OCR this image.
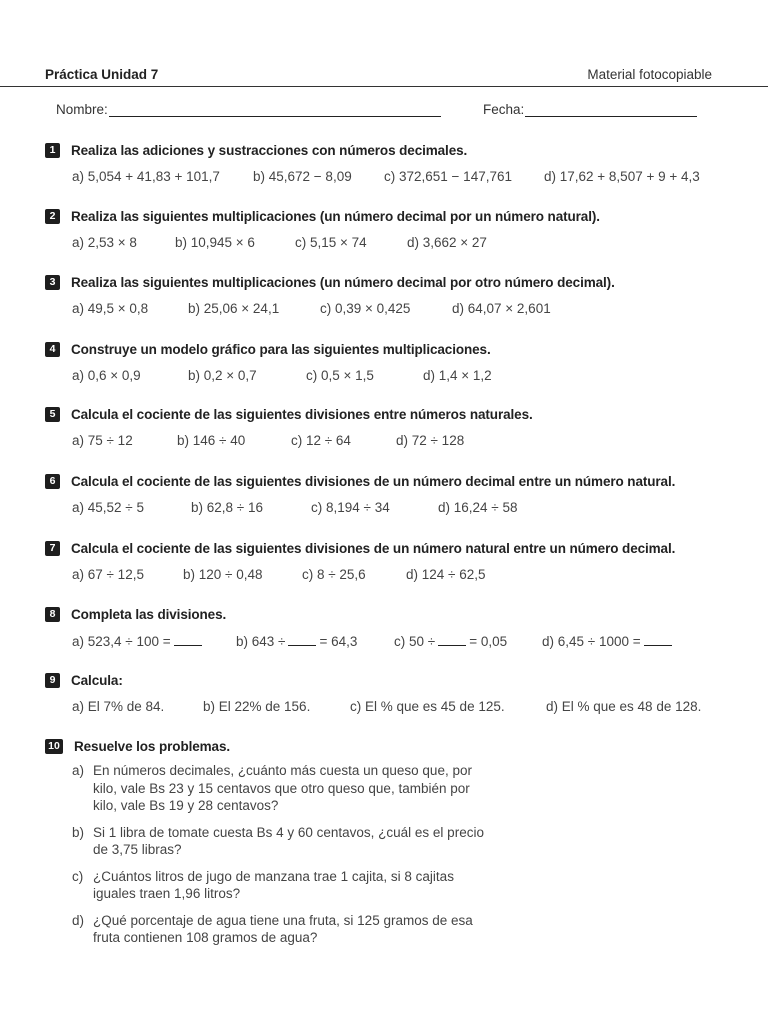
Práctica Unidad 7	Material fotocopiable
Nombre:	Fecha:
1	Realiza las adiciones y sustracciones con números decimales.
a) 5,054 + 41,83 + 101,7 b) 45,672 − 8,09 c) 372,651 − 147,761 d) 17,62 + 8,507 + 9 + 4,3
2	Realiza las siguientes multiplicaciones (un número decimal por un número natural).
a) 2,53 × 8	b) 10,945 × 6	c) 5,15 × 74	d) 3,662 × 27
3	Realiza las siguientes multiplicaciones (un número decimal por otro número decimal).
a) 49,5 × 0,8	b) 25,06 × 24,1	c) 0,39 × 0,425	d) 64,07 × 2,601
4	Construye un modelo gráfico para las siguientes multiplicaciones.
a) 0,6 × 0,9	b) 0,2 × 0,7	c) 0,5 × 1,5	d) 1,4 × 1,2
5	Calcula el cociente de las siguientes divisiones entre números naturales.
a) 75 ÷ 12	b) 146 ÷ 40	c) 12 ÷ 64	d) 72 ÷ 128
6	Calcula el cociente de las siguientes divisiones de un número decimal entre un número natural.
a) 45,52 ÷ 5	b) 62,8 ÷ 16	c) 8,194 ÷ 34	d) 16,24 ÷ 58
7	Calcula el cociente de las siguientes divisiones de un número natural entre un número decimal.
a) 67 ÷ 12,5	b) 120 ÷ 0,48	c) 8 ÷ 25,6	d) 124 ÷ 62,5
8	Completa las divisiones.
a) 523,4 ÷ 100 =	b) 643 ÷	= 64,3	c) 50 ÷	= 0,05	d) 6,45 ÷ 1000 =
9	Calcula:
a) El 7% de 84.	b) El 22% de 156.	c) El % que es 45 de 125.	d) El % que es 48 de 128.
10 Resuelve los problemas.
a) En números decimales, ¿cuánto más cuesta un queso que, por
kilo, vale Bs 23 y 15 centavos que otro queso que, también por
kilo, vale Bs 19 y 28 centavos?
b) Si 1 libra de tomate cuesta Bs 4 y 60 centavos, ¿cuál es el precio
de 3,75 libras?
c) ¿Cuántos litros de jugo de manzana trae 1 cajita, si 8 cajitas
iguales traen 1,96 litros?
d) ¿Qué porcentaje de agua tiene una fruta, si 125 gramos de esa
fruta contienen 108 gramos de agua?
